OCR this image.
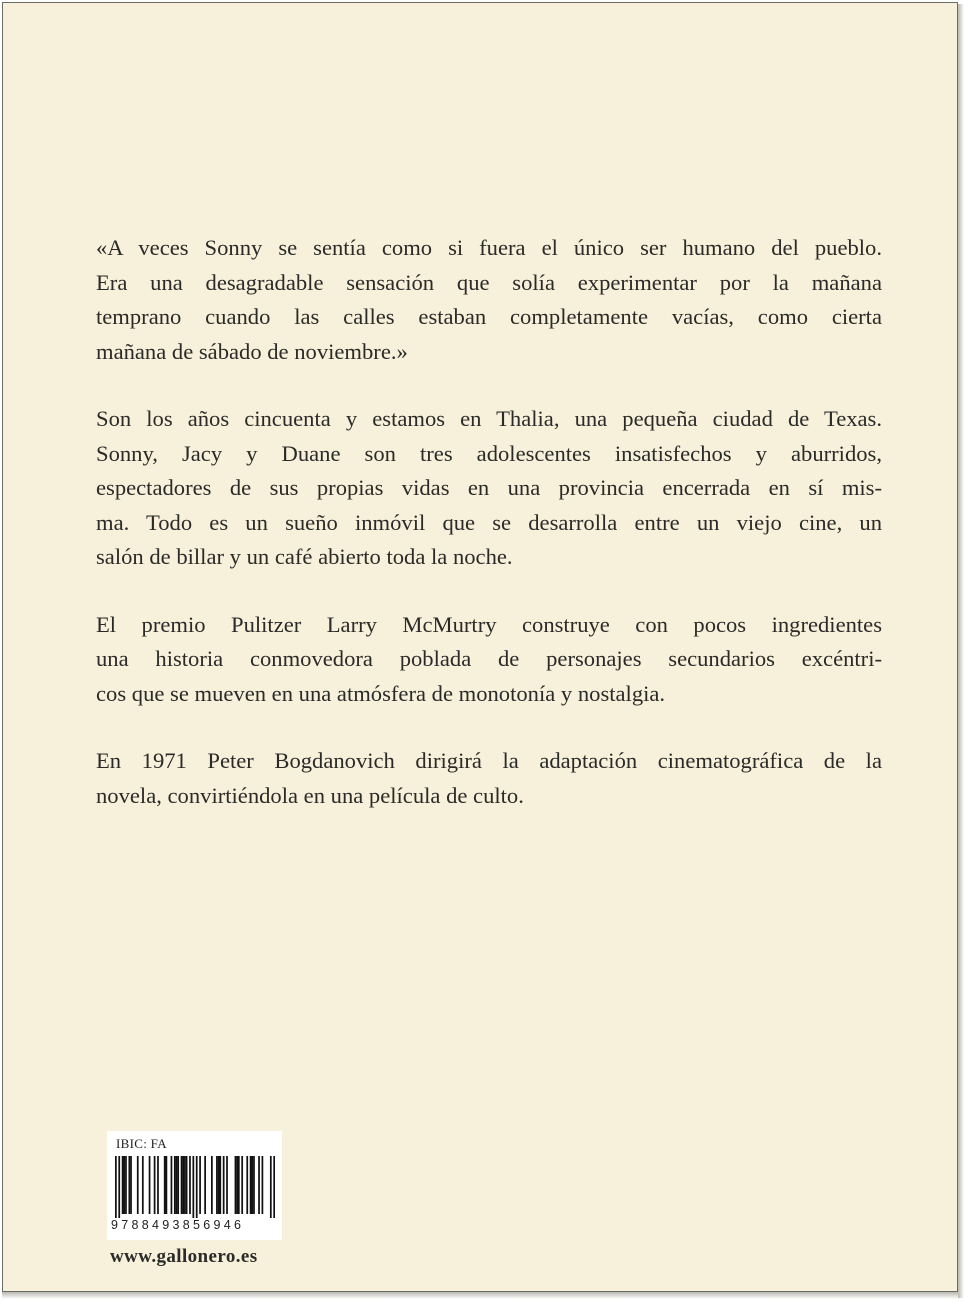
«A veces Sonny se sentía como si fuera el único ser humano del pueblo.
Era una desagradable sensación que solía experimentar por la mañana
temprano cuando las calles estaban completamente vacías, como cierta
mañana de sábado de noviembre.»

Son los años cincuenta y estamos en Thalia, una pequeña ciudad de Texas.
Sonny, Jacy y Duane son tres adolescentes insatisfechos y aburridos,
espectadores de sus propias vidas en una provincia encerrada en sí mis-
ma. Todo es un sueño inmóvil que se desarrolla entre un viejo cine, un
salón de billar y un café abierto toda la noche.

El premio Pulitzer Larry McMurtry construye con pocos ingredientes
una historia conmovedora poblada de personajes secundarios excéntri-
cos que se mueven en una atmósfera de monotonía y nostalgia.

En 1971 Peter Bogdanovich dirigirá la adaptación cinematográfica de la
novela, convirtiéndola en una película de culto.

IBIC: FA
9788493856946
www.gallonero.es
